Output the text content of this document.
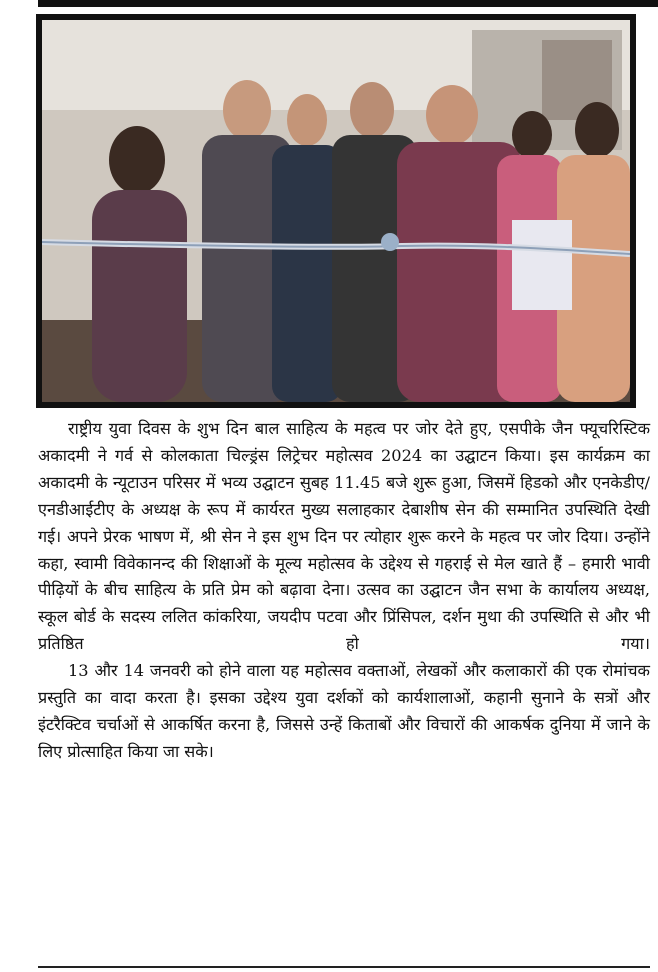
राष्ट्रीय युवा दिवस के शुभ दिन बाल साहित्य के महत्व पर जोर देते हुए, एसपीके जैन फ्यूचरिस्टिक अकादमी ने गर्व से कोलकाता चिल्ड्रंस लिट्रेचर महोत्सव 2024 का उद्घाटन किया। इस कार्यक्रम का अकादमी के न्यूटाउन परिसर में भव्य उद्घाटन सुबह 11.45 बजे शुरू हुआ, जिसमें हिडको और एनकेडीए/एनडीआईटीए के अध्यक्ष के रूप में कार्यरत मुख्य सलाहकार देबाशीष सेन की सम्मानित उपस्थिति देखी गई। अपने प्रेरक भाषण में, श्री सेन ने इस शुभ दिन पर त्योहार शुरू करने के महत्व पर जोर दिया। उन्होंने कहा, स्वामी विवेकानन्द की शिक्षाओं के मूल्य महोत्सव के उद्देश्य से गहराई से मेल खाते हैं – हमारी भावी पीढ़ियों के बीच साहित्य के प्रति प्रेम को बढ़ावा देना। उत्सव का उद्घाटन जैन सभा के कार्यालय अध्यक्ष, स्कूल बोर्ड के सदस्य ललित कांकरिया, जयदीप पटवा और प्रिंसिपल, दर्शन मुथा की उपस्थिति से और भी प्रतिष्ठित हो गया।

13 और 14 जनवरी को होने वाला यह महोत्सव वक्ताओं, लेखकों और कलाकारों की एक रोमांचक प्रस्तुति का वादा करता है। इसका उद्देश्य युवा दर्शकों को कार्यशालाओं, कहानी सुनाने के सत्रों और इंटरैक्टिव चर्चाओं से आकर्षित करना है, जिससे उन्हें किताबों और विचारों की आकर्षक दुनिया में जाने के लिए प्रोत्साहित किया जा सके।
